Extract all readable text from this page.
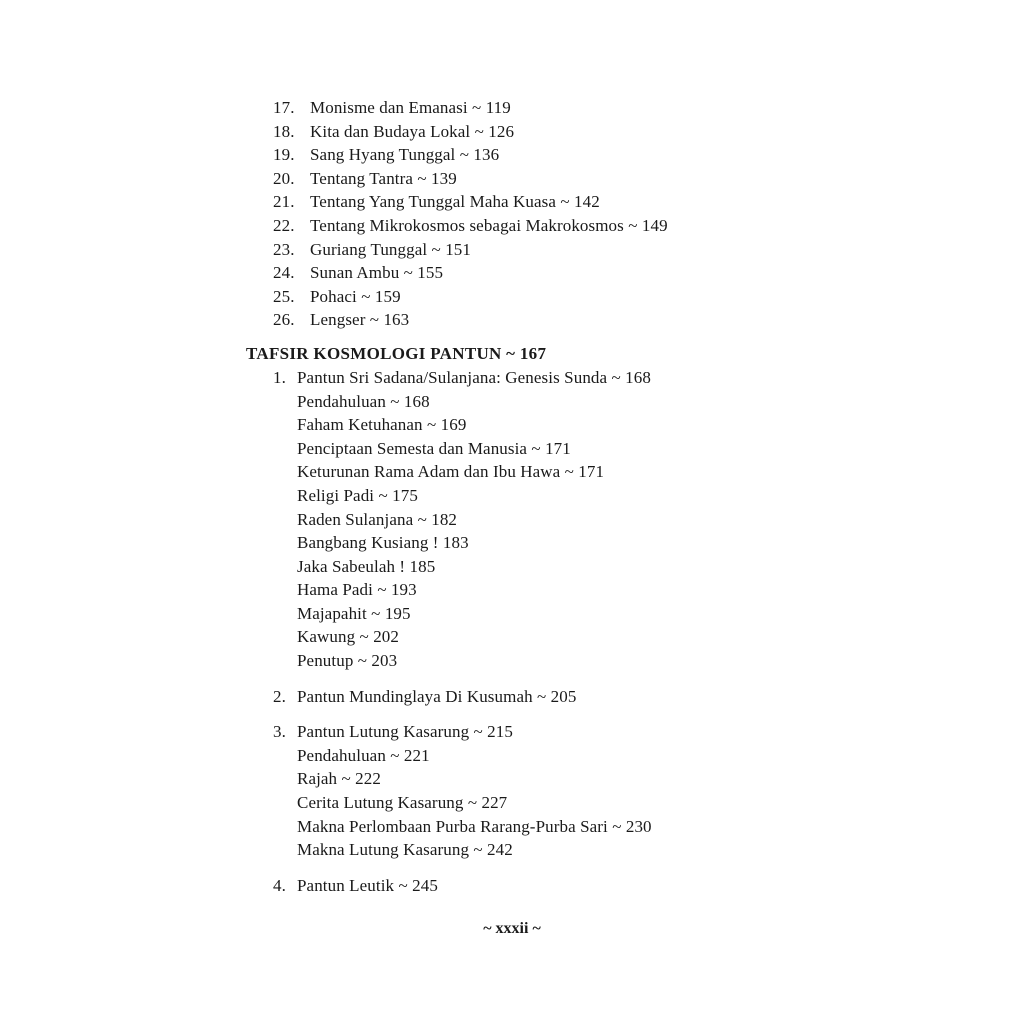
17. Monisme dan Emanasi ~ 119
18. Kita dan Budaya Lokal ~ 126
19. Sang Hyang Tunggal ~ 136
20. Tentang Tantra ~ 139
21. Tentang Yang Tunggal Maha Kuasa ~ 142
22. Tentang Mikrokosmos sebagai Makrokosmos ~ 149
23. Guriang Tunggal ~ 151
24. Sunan Ambu ~ 155
25. Pohaci ~ 159
26. Lengser ~ 163
TAFSIR KOSMOLOGI PANTUN ~ 167
1. Pantun Sri Sadana/Sulanjana: Genesis Sunda ~ 168
Pendahuluan ~ 168
Faham Ketuhanan ~ 169
Penciptaan Semesta dan Manusia ~ 171
Keturunan Rama Adam dan Ibu Hawa ~ 171
Religi Padi ~ 175
Raden Sulanjana ~ 182
Bangbang Kusiang ! 183
Jaka Sabeulah ! 185
Hama Padi ~ 193
Majapahit ~ 195
Kawung ~ 202
Penutup ~ 203
2. Pantun Mundinglaya Di Kusumah ~ 205
3. Pantun Lutung Kasarung ~ 215
Pendahuluan ~ 221
Rajah ~ 222
Cerita Lutung Kasarung ~ 227
Makna Perlombaan Purba Rarang-Purba Sari ~ 230
Makna Lutung Kasarung ~ 242
4. Pantun Leutik ~ 245
~ xxxii ~
